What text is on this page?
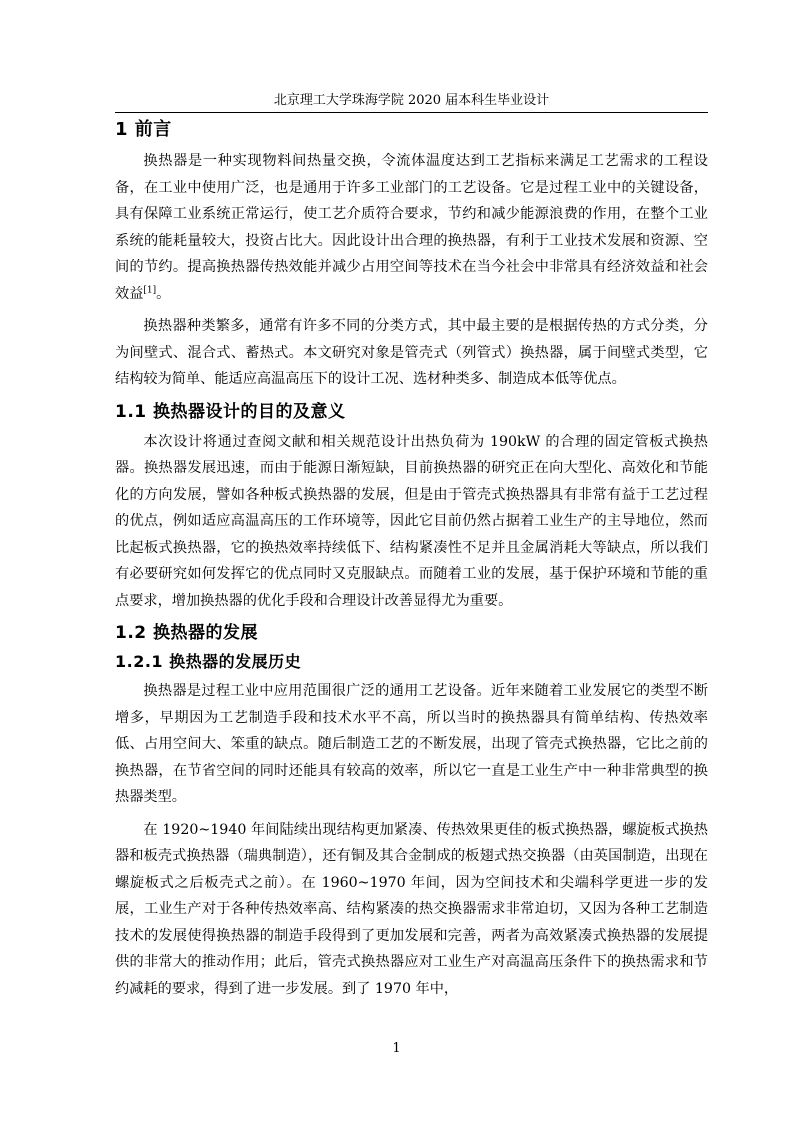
北京理工大学珠海学院 2020 届本科生毕业设计
1 前言

换热器是一种实现物料间热量交换，令流体温度达到工艺指标来满足工艺需求的工程设备，在工业中使用广泛，也是通用于许多工业部门的工艺设备。它是过程工业中的关键设备，具有保障工业系统正常运行，使工艺介质符合要求，节约和减少能源浪费的作用，在整个工业系统的能耗量较大，投资占比大。因此设计出合理的换热器，有利于工业技术发展和资源、空间的节约。提高换热器传热效能并减少占用空间等技术在当今社会中非常具有经济效益和社会效益[1]。

换热器种类繁多，通常有许多不同的分类方式，其中最主要的是根据传热的方式分类，分为间壁式、混合式、蓄热式。本文研究对象是管壳式（列管式）换热器，属于间壁式类型，它结构较为简单、能适应高温高压下的设计工况、选材种类多、制造成本低等优点。

1.1 换热器设计的目的及意义

本次设计将通过查阅文献和相关规范设计出热负荷为 190kW 的合理的固定管板式换热器。换热器发展迅速，而由于能源日渐短缺，目前换热器的研究正在向大型化、高效化和节能化的方向发展，譬如各种板式换热器的发展，但是由于管壳式换热器具有非常有益于工艺过程的优点，例如适应高温高压的工作环境等，因此它目前仍然占据着工业生产的主导地位，然而比起板式换热器，它的换热效率持续低下、结构紧凑性不足并且金属消耗大等缺点，所以我们有必要研究如何发挥它的优点同时又克服缺点。而随着工业的发展，基于保护环境和节能的重点要求，增加换热器的优化手段和合理设计改善显得尤为重要。

1.2 换热器的发展
1.2.1 换热器的发展历史

换热器是过程工业中应用范围很广泛的通用工艺设备。近年来随着工业发展它的类型不断增多，早期因为工艺制造手段和技术水平不高，所以当时的换热器具有简单结构、传热效率低、占用空间大、笨重的缺点。随后制造工艺的不断发展，出现了管壳式换热器，它比之前的换热器，在节省空间的同时还能具有较高的效率，所以它一直是工业生产中一种非常典型的换热器类型。

在 1920~1940 年间陆续出现结构更加紧凑、传热效果更佳的板式换热器，螺旋板式换热器和板壳式换热器（瑞典制造），还有铜及其合金制成的板翅式热交换器（由英国制造，出现在螺旋板式之后板壳式之前）。在 1960~1970 年间，因为空间技术和尖端科学更进一步的发展，工业生产对于各种传热效率高、结构紧凑的热交换器需求非常迫切，又因为各种工艺制造技术的发展使得换热器的制造手段得到了更加发展和完善，两者为高效紧凑式换热器的发展提供的非常大的推动作用；此后，管壳式换热器应对工业生产对高温高压条件下的换热需求和节约减耗的要求，得到了进一步发展。到了 1970 年中，

1
